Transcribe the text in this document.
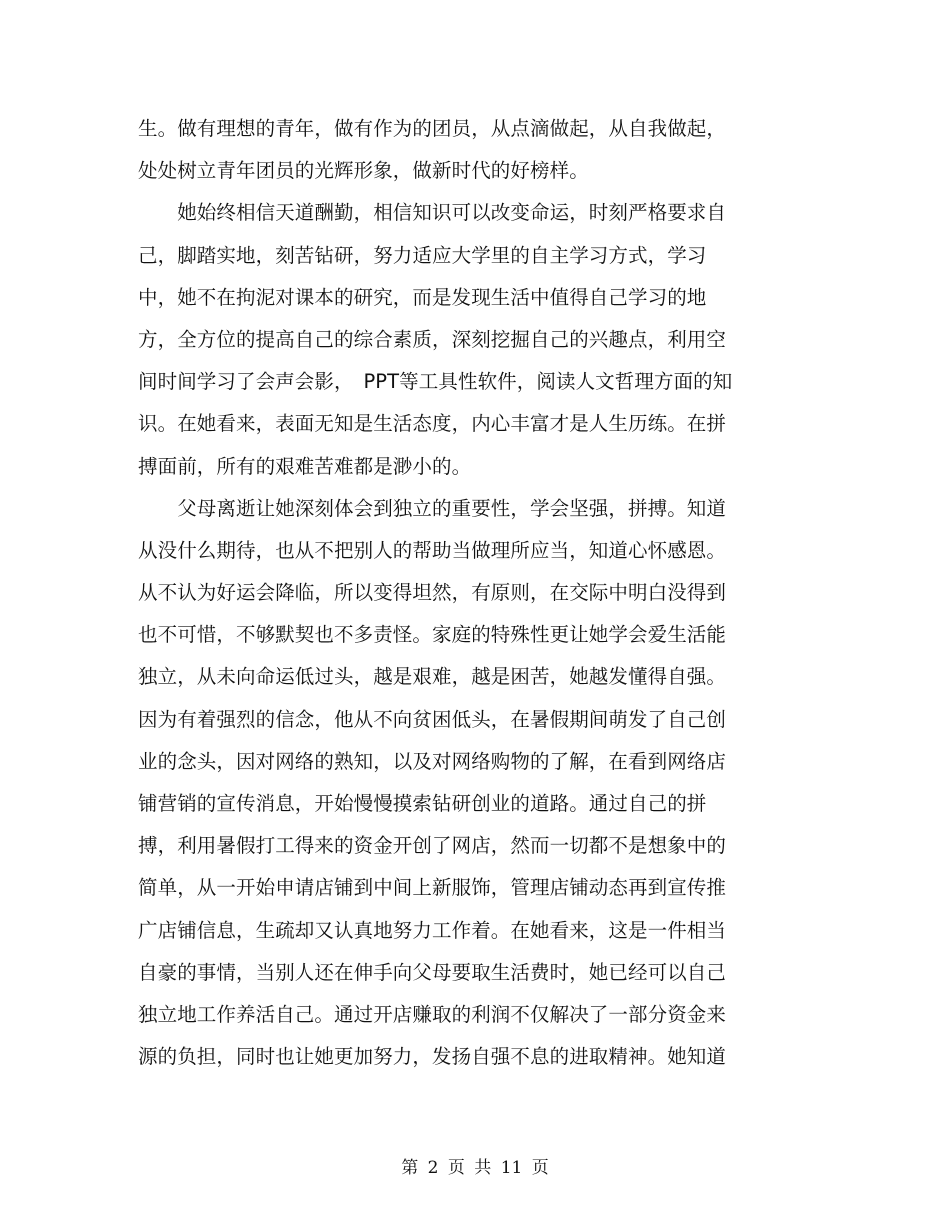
生。做有理想的青年，做有作为的团员，从点滴做起，从自我做起，
处处树立青年团员的光辉形象，做新时代的好榜样。
　　她始终相信天道酬勤，相信知识可以改变命运，时刻严格要求自
己，脚踏实地，刻苦钻研，努力适应大学里的自主学习方式，学习
中，她不在拘泥对课本的研究，而是发现生活中值得自己学习的地
方，全方位的提高自己的综合素质，深刻挖掘自己的兴趣点，利用空
间时间学习了会声会影，　PPT等工具性软件，阅读人文哲理方面的知
识。在她看来，表面无知是生活态度，内心丰富才是人生历练。在拼
搏面前，所有的艰难苦难都是渺小的。
　　父母离逝让她深刻体会到独立的重要性，学会坚强，拼搏。知道
从没什么期待，也从不把别人的帮助当做理所应当，知道心怀感恩。
从不认为好运会降临，所以变得坦然，有原则，在交际中明白没得到
也不可惜，不够默契也不多责怪。家庭的特殊性更让她学会爱生活能
独立，从未向命运低过头，越是艰难，越是困苦，她越发懂得自强。
因为有着强烈的信念，他从不向贫困低头，在暑假期间萌发了自己创
业的念头，因对网络的熟知，以及对网络购物的了解，在看到网络店
铺营销的宣传消息，开始慢慢摸索钻研创业的道路。通过自己的拼
搏，利用暑假打工得来的资金开创了网店，然而一切都不是想象中的
简单，从一开始申请店铺到中间上新服饰，管理店铺动态再到宣传推
广店铺信息，生疏却又认真地努力工作着。在她看来，这是一件相当
自豪的事情，当别人还在伸手向父母要取生活费时，她已经可以自己
独立地工作养活自己。通过开店赚取的利润不仅解决了一部分资金来
源的负担，同时也让她更加努力，发扬自强不息的进取精神。她知道
第 2 页 共 11 页
